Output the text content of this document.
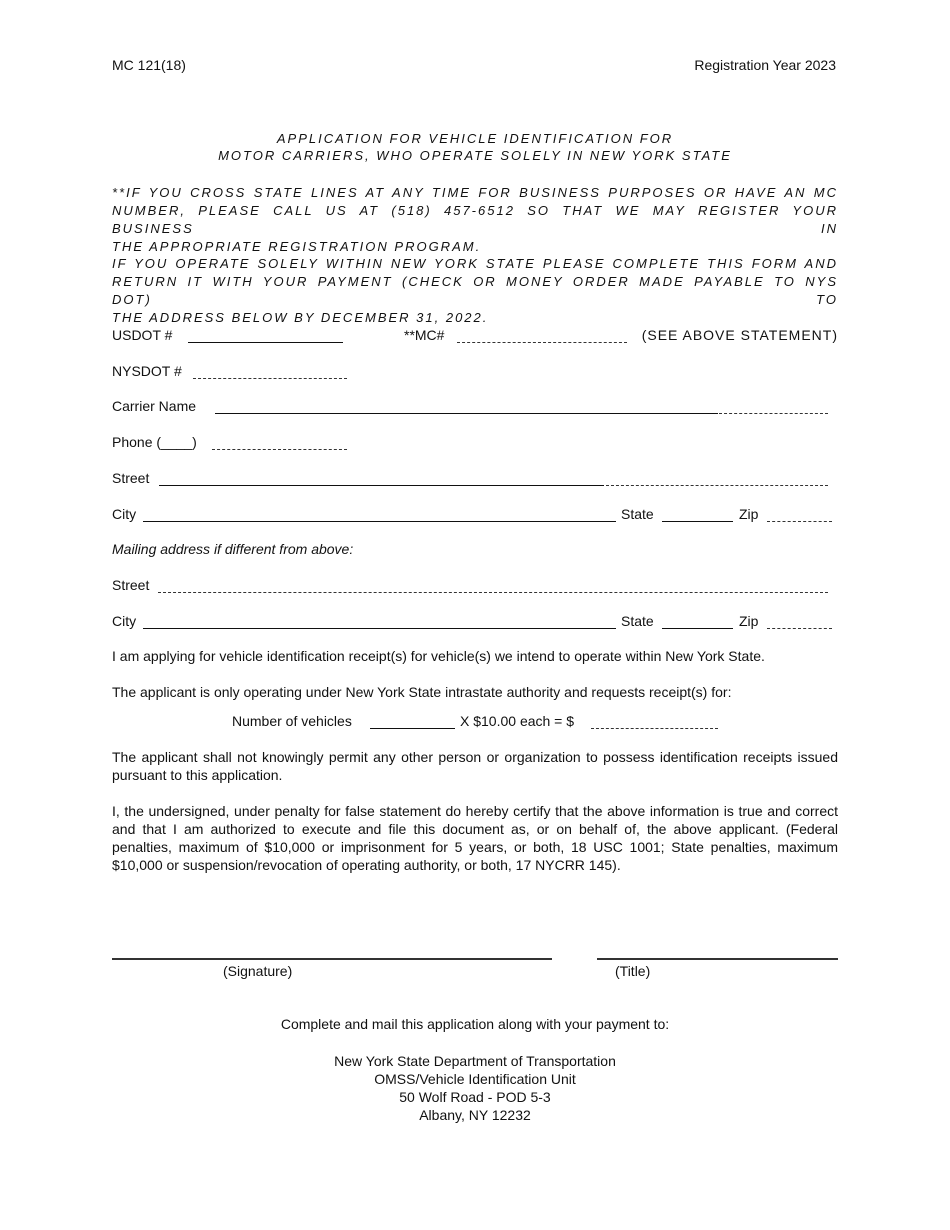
MC 121(18)	Registration Year 2023
APPLICATION FOR VEHICLE IDENTIFICATION FOR
MOTOR CARRIERS, WHO OPERATE SOLELY IN NEW YORK STATE
**IF YOU CROSS STATE LINES AT ANY TIME FOR BUSINESS PURPOSES OR HAVE AN MC
NUMBER, PLEASE CALL US AT (518) 457-6512 SO THAT WE MAY REGISTER YOUR BUSINESS IN
THE APPROPRIATE REGISTRATION PROGRAM.
IF YOU OPERATE SOLELY WITHIN NEW YORK STATE PLEASE COMPLETE THIS FORM AND
RETURN IT WITH YOUR PAYMENT (CHECK OR MONEY ORDER MADE PAYABLE TO NYS DOT) TO
THE ADDRESS BELOW BY DECEMBER 31, 2022.
USDOT #	**MC#	(SEE ABOVE STATEMENT)
NYSDOT #
Carrier Name
Phone (____)
Street
City	State	Zip
Mailing address if different from above:
Street
City	State	Zip
I am applying for vehicle identification receipt(s) for vehicle(s) we intend to operate within New York State.
The applicant is only operating under New York State intrastate authority and requests receipt(s) for:
Number of vehicles	X $10.00 each = $
The applicant shall not knowingly permit any other person or organization to possess identification receipts issued pursuant to this application.
I, the undersigned, under penalty for false statement do hereby certify that the above information is true and correct and that I am authorized to execute and file this document as, or on behalf of, the above applicant. (Federal penalties, maximum of $10,000 or imprisonment for 5 years, or both, 18 USC 1001; State penalties, maximum $10,000 or suspension/revocation of operating authority, or both, 17 NYCRR 145).
(Signature)	(Title)
Complete and mail this application along with your payment to:
New York State Department of Transportation
OMSS/Vehicle Identification Unit
50 Wolf Road - POD 5-3
Albany, NY 12232
